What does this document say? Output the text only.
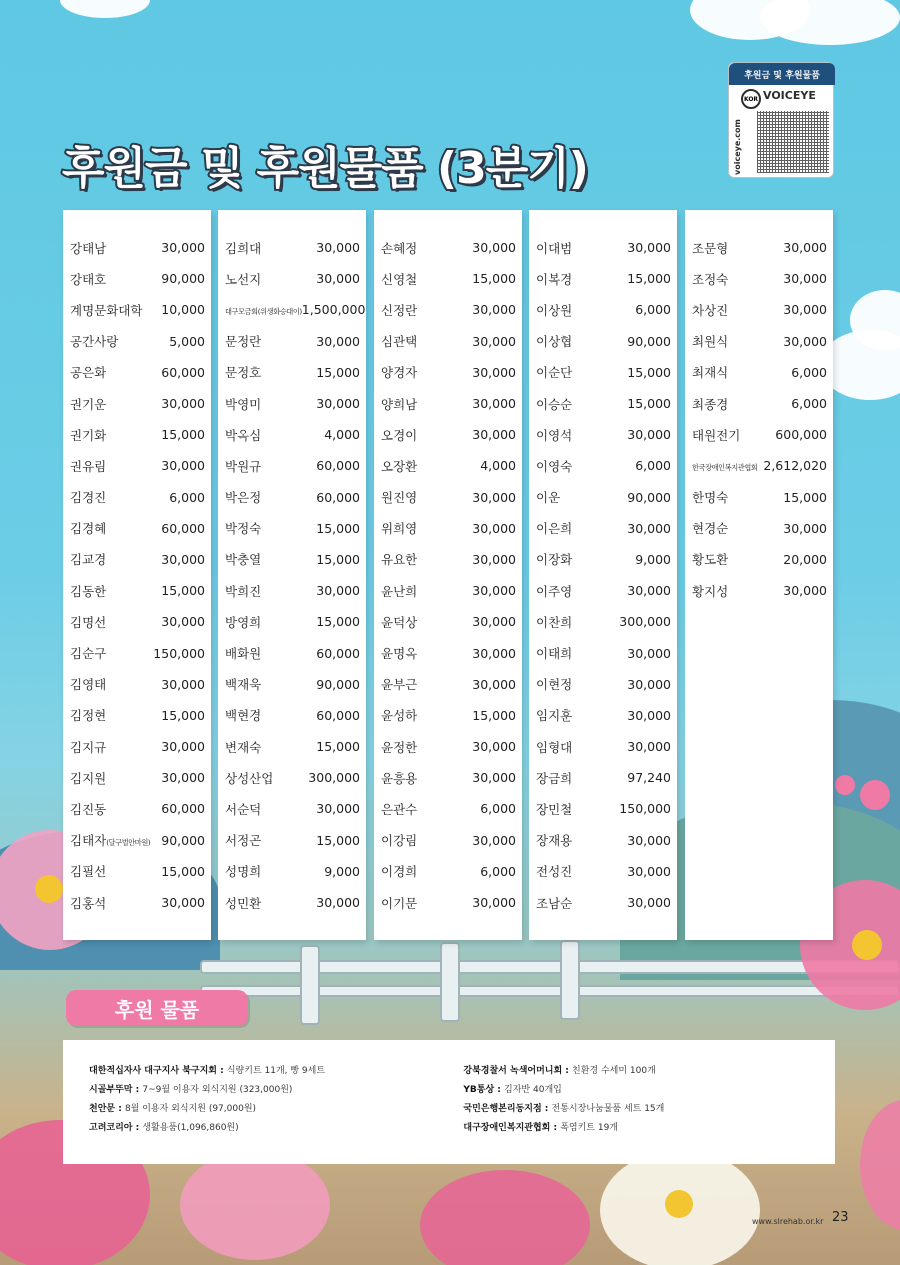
후원금 및 후원물품 (3분기)
후원금 및 후원물품
KOR VOICEYE
voiceye.com
강태남	30,000
강태호	90,000
계명문화대학 10,000
공간사랑	5,000
공은화	60,000
권기운	30,000
권기화	15,000
권유림	30,000
김경진	6,000
김경혜	60,000
김교경	30,000
김동한	15,000
김명선	30,000
김순구	150,000
김영태	30,000
김정현	15,000
김지규	30,000
김지원	30,000
김진동	60,000
김태자(달구벌안마원) 90,000
김필선	15,000
김홍석	30,000
김희대	30,000
노선지	30,000
대구모금회(위생화승대이) 1,500,000
문정란	30,000
문정호	15,000
박영미	30,000
박옥심	4,000
박원규	60,000
박은정	60,000
박정숙	15,000
박충열	15,000
박희진	30,000
방영희	15,000
배화원	60,000
백재욱	90,000
백현경	60,000
변재숙	15,000
상성산업	300,000
서순덕	30,000
서정곤	15,000
성명희	9,000
성민환	30,000
손혜정	30,000
신영철	15,000
신정란	30,000
심관택	30,000
양경자	30,000
양희남	30,000
오경이	30,000
오장환	4,000
원진영	30,000
위희영	30,000
유요한	30,000
윤난희	30,000
윤덕상	30,000
윤명옥	30,000
윤부근	30,000
윤성하	15,000
윤정한	30,000
윤흥용	30,000
은관수	6,000
이강림	30,000
이경희	6,000
이기문	30,000
이대범	30,000
이복경	15,000
이상원	6,000
이상협	90,000
이순단	15,000
이승순	15,000
이영석	30,000
이영숙	6,000
이운	90,000
이은희	30,000
이장화	9,000
이주영	30,000
이찬희	300,000
이태희	30,000
이현정	30,000
임지훈	30,000
임형대	30,000
장금희	97,240
장민철	150,000
장재용	30,000
전성진	30,000
조남순	30,000
조문형	30,000
조정숙	30,000
차상진	30,000
최원식	30,000
최재식	6,000
최종경	6,000
태원전기	600,000
한국장애인복지관협회 2,612,020
한명숙	15,000
현경순	30,000
황도환	20,000
황지성	30,000
후원 물품
대한적십자사 대구지사 북구지회 : 식량키트 11개, 빵 9세트
시골부뚜막 : 7~9월 이용자 외식지원 (323,000원)
천안문 : 8월 이용자 외식지원 (97,000원)
고려코리아 : 생활용품(1,096,860원)
강북경찰서 녹색어머니회 : 친환경 수세미 100개
YB통상 : 김자반 40개입
국민은행본리동지점 : 전통시장나눔물품 세트 15개
대구장애인복지관협회 : 폭염키트 19개
www.slrehab.or.kr 23
